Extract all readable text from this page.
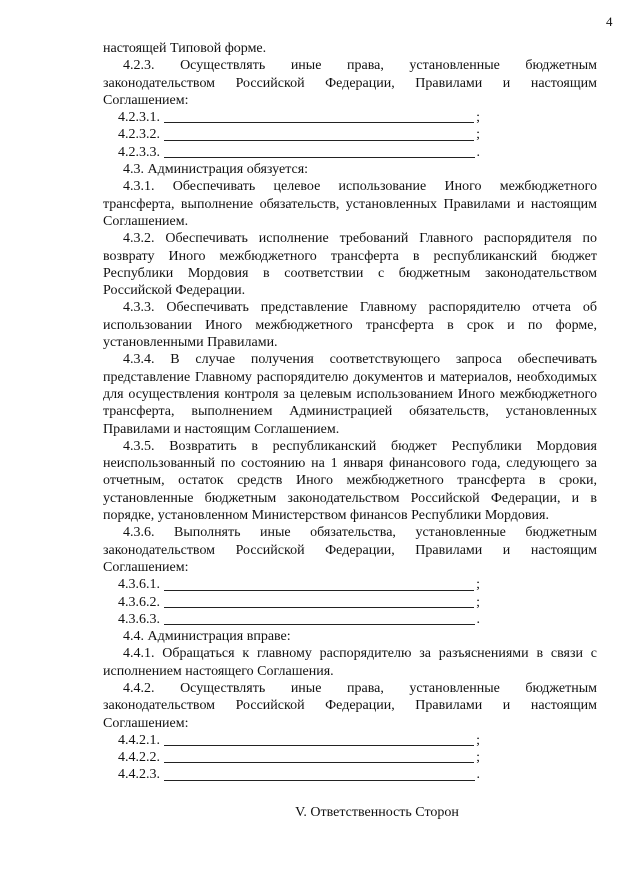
4

настоящей Типовой форме.

4.2.3. Осуществлять иные права, установленные бюджетным законодательством Российской Федерации, Правилами и настоящим Соглашением:

4.2.3.1.	;
4.2.3.2.	;
4.2.3.3.	.

4.3. Администрация обязуется:

4.3.1. Обеспечивать целевое использование Иного межбюджетного трансферта, выполнение обязательств, установленных Правилами и настоящим Соглашением.

4.3.2. Обеспечивать исполнение требований Главного распорядителя по возврату Иного межбюджетного трансферта в республиканский бюджет Республики Мордовия в соответствии с бюджетным законодательством Российской Федерации.

4.3.3. Обеспечивать представление Главному распорядителю отчета об использовании Иного межбюджетного трансферта в срок и по форме, установленными Правилами.

4.3.4. В случае получения соответствующего запроса обеспечивать представление Главному распорядителю документов и материалов, необходимых для осуществления контроля за целевым использованием Иного межбюджетного трансферта, выполнением Администрацией обязательств, установленных Правилами и настоящим Соглашением.

4.3.5. Возвратить в республиканский бюджет Республики Мордовия неиспользованный по состоянию на 1 января финансового года, следующего за отчетным, остаток средств Иного межбюджетного трансферта в сроки, установленные бюджетным законодательством Российской Федерации, и в порядке, установленном Министерством финансов Республики Мордовия.

4.3.6. Выполнять иные обязательства, установленные бюджетным законодательством Российской Федерации, Правилами и настоящим Соглашением:

4.3.6.1.	;
4.3.6.2.	;
4.3.6.3.	.

4.4. Администрация вправе:

4.4.1. Обращаться к главному распорядителю за разъяснениями в связи с исполнением настоящего Соглашения.

4.4.2. Осуществлять иные права, установленные бюджетным законодательством Российской Федерации, Правилами и настоящим Соглашением:

4.4.2.1.	;
4.4.2.2.	;
4.4.2.3.	.

V. Ответственность Сторон
